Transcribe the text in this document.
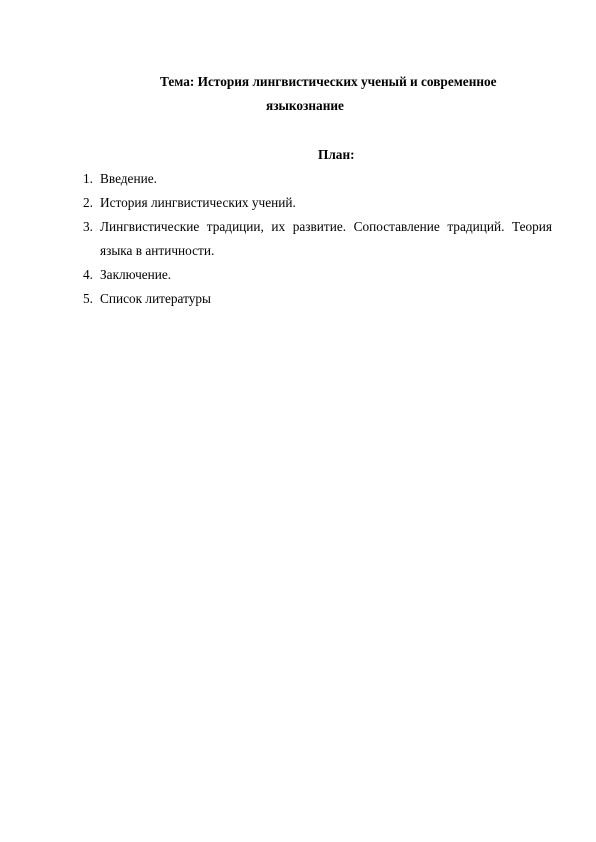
Тема: История лингвистических ученый и современное
языкознание
План:
1. Введение.
2. История лингвистических учений.
3. Лингвистические традиции, их развитие. Сопоставление традиций. Теория
языка в античности.
4. Заключение.
5. Список литературы
